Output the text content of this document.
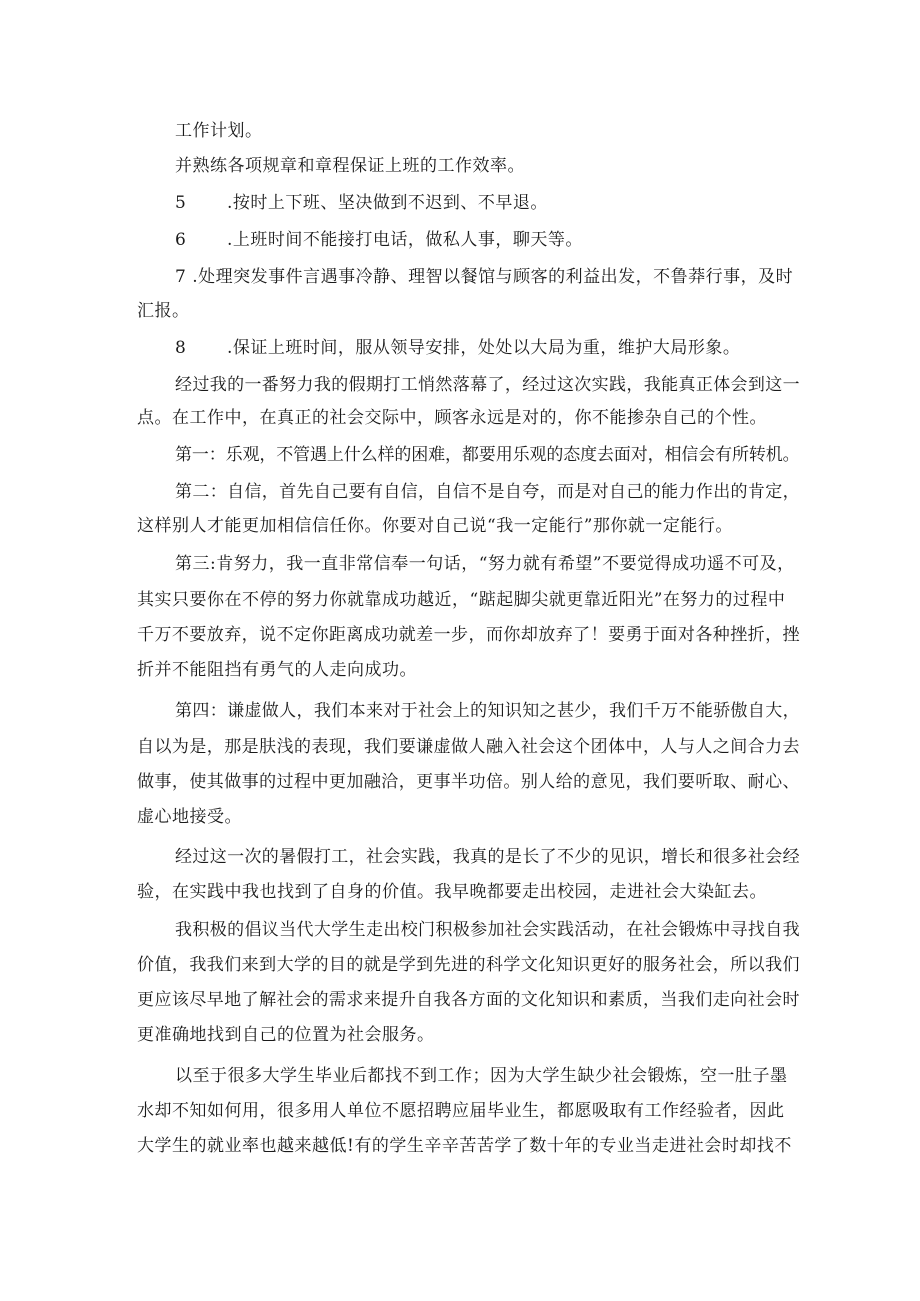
工作计划。
并熟练各项规章和章程保证上班的工作效率。
5 .按时上下班、坚决做到不迟到、不早退。
6 .上班时间不能接打电话，做私人事，聊天等。
7 .处理突发事件言遇事冷静、理智以餐馆与顾客的利益出发，不鲁莽行事，及时
汇报。
8 .保证上班时间，服从领导安排，处处以大局为重，维护大局形象。
经过我的一番努力我的假期打工悄然落幕了，经过这次实践，我能真正体会到这一
点。在工作中，在真正的社会交际中，顾客永远是对的，你不能掺杂自己的个性。
第一：乐观，不管遇上什么样的困难，都要用乐观的态度去面对，相信会有所转机。
第二：自信，首先自己要有自信，自信不是自夸，而是对自己的能力作出的肯定，
这样别人才能更加相信信任你。你要对自己说“我一定能行”那你就一定能行。
第三:肯努力，我一直非常信奉一句话，“努力就有希望”不要觉得成功遥不可及，
其实只要你在不停的努力你就靠成功越近，“踮起脚尖就更靠近阳光”在努力的过程中
千万不要放弃，说不定你距离成功就差一步，而你却放弃了！要勇于面对各种挫折，挫
折并不能阻挡有勇气的人走向成功。
第四：谦虚做人，我们本来对于社会上的知识知之甚少，我们千万不能骄傲自大，
自以为是，那是肤浅的表现，我们要谦虚做人融入社会这个团体中，人与人之间合力去
做事，使其做事的过程中更加融洽，更事半功倍。别人给的意见，我们要听取、耐心、
虚心地接受。
经过这一次的暑假打工，社会实践，我真的是长了不少的见识，增长和很多社会经
验，在实践中我也找到了自身的价值。我早晚都要走出校园，走进社会大染缸去。
我积极的倡议当代大学生走出校门积极参加社会实践活动，在社会锻炼中寻找自我
价值，我我们来到大学的目的就是学到先进的科学文化知识更好的服务社会，所以我们
更应该尽早地了解社会的需求来提升自我各方面的文化知识和素质，当我们走向社会时
更准确地找到自己的位置为社会服务。
以至于很多大学生毕业后都找不到工作；因为大学生缺少社会锻炼，空一肚子墨
水却不知如何用，很多用人单位不愿招聘应届毕业生，都愿吸取有工作经验者，因此
大学生的就业率也越来越低!有的学生辛辛苦苦学了数十年的专业当走进社会时却找不
